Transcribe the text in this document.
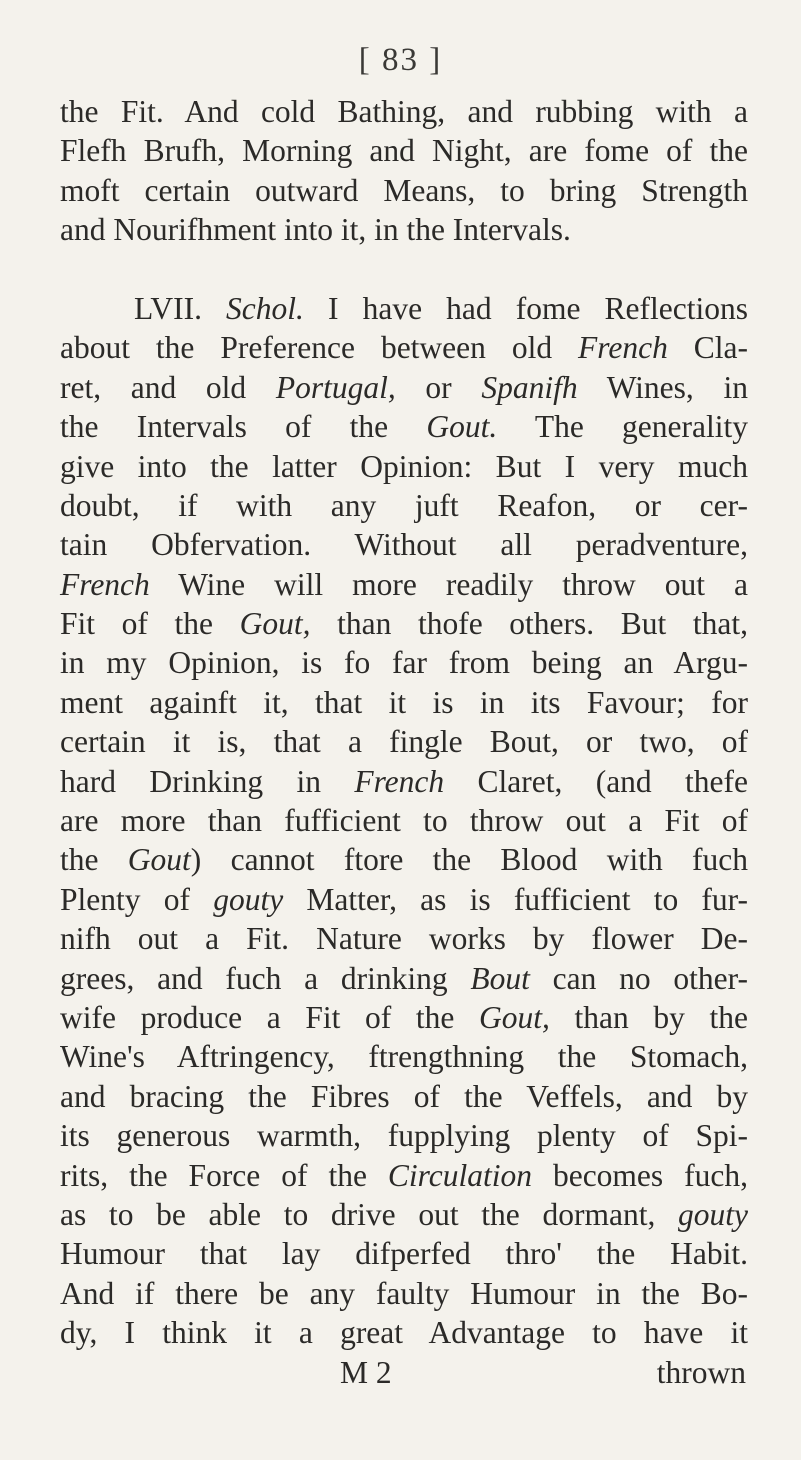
[ 83 ]
the Fit. And cold Bathing, and rubbing with a
Flefh Brufh, Morning and Night, are fome of the
moft certain outward Means, to bring Strength
and Nourifhment into it, in the Intervals.
LVII. Schol. I have had fome Reflections
about the Preference between old French Cla-
ret, and old Portugal, or Spanifh Wines, in
the Intervals of the Gout. The generality
give into the latter Opinion: But I very much
doubt, if with any juft Reafon, or cer-
tain Obfervation. Without all peradventure,
French Wine will more readily throw out a
Fit of the Gout, than thofe others. But that,
in my Opinion, is fo far from being an Argu-
ment againft it, that it is in its Favour; for
certain it is, that a fingle Bout, or two, of
hard Drinking in French Claret, (and thefe
are more than fufficient to throw out a Fit of
the Gout) cannot ftore the Blood with fuch
Plenty of gouty Matter, as is fufficient to fur-
nifh out a Fit. Nature works by flower De-
grees, and fuch a drinking Bout can no other-
wife produce a Fit of the Gout, than by the
Wine's Aftringency, ftrengthning the Stomach,
and bracing the Fibres of the Veffels, and by
its generous warmth, fupplying plenty of Spi-
rits, the Force of the Circulation becomes fuch,
as to be able to drive out the dormant, gouty
Humour that lay difperfed thro' the Habit.
And if there be any faulty Humour in the Bo-
dy, I think it a great Advantage to have it
M 2	thrown
